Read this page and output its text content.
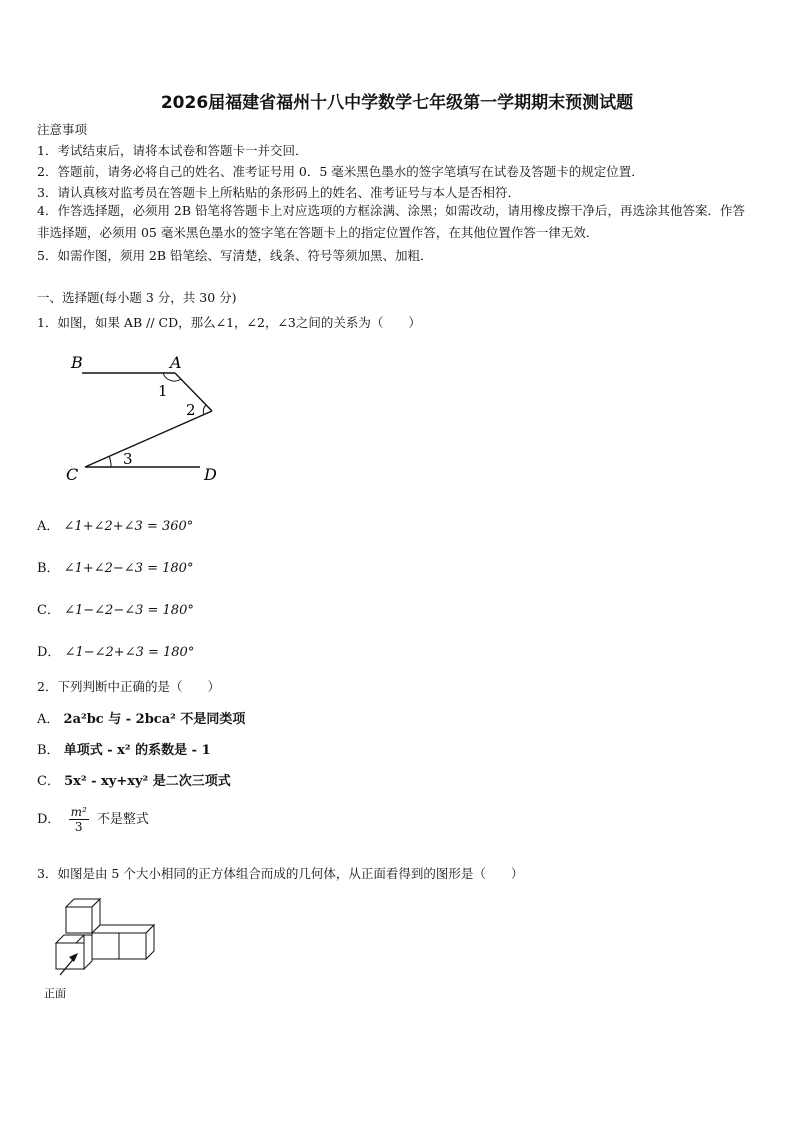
2026届福建省福州十八中学数学七年级第一学期期末预测试题
注意事项
1．考试结束后，请将本试卷和答题卡一并交回．
2．答题前，请务必将自己的姓名、准考证号用 0．5 毫米黑色墨水的签字笔填写在试卷及答题卡的规定位置．
3．请认真核对监考员在答题卡上所粘贴的条形码上的姓名、准考证号与本人是否相符．
4．作答选择题，必须用 2B 铅笔将答题卡上对应选项的方框涂满、涂黑；如需改动，请用橡皮擦干净后，再选涂其他答案．作答非选择题，必须用 05 毫米黑色墨水的签字笔在答题卡上的指定位置作答，在其他位置作答一律无效．
5．如需作图，须用 2B 铅笔绘、写清楚，线条、符号等须加黑、加粗．
一、选择题(每小题 3 分，共 30 分)
1．如图，如果 AB // CD，那么∠1，∠2，∠3之间的关系为（　　）
B	A
1
2
3
C	D
A． ∠1+∠2+∠3 = 360°
B． ∠1+∠2−∠3 = 180°
C． ∠1−∠2−∠3 = 180°
D． ∠1−∠2+∠3 = 180°
2．下列判断中正确的是（　　）
A． 2a²bc 与 - 2bca² 不是同类项
B． 单项式 - x² 的系数是 - 1
C． 5x² - xy+xy² 是二次三项式
D． $\frac{\text{m²}}{3}$ 不是整式
3．如图是由 5 个大小相同的正方体组合而成的几何体，从正面看得到的图形是（　　）
正面
